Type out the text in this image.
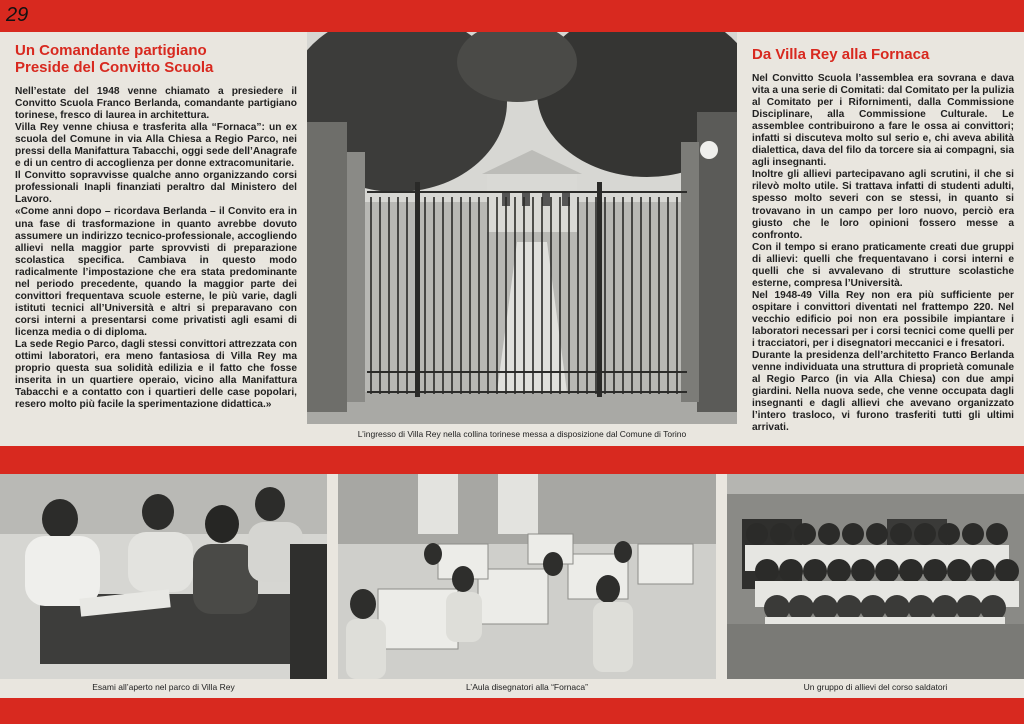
29
Un Comandante partigiano
Preside del Convitto Scuola

Nell’estate del 1948 venne chiamato a presiedere il Convitto Scuola Franco Berlanda, comandante partigiano torinese, fresco di laurea in architettura.

Villa Rey venne chiusa e trasferita alla “Fornaca”: un ex scuola del Comune in via Alla Chiesa a Regio Parco, nei pressi della Manifattura Tabacchi, oggi sede dell’Anagrafe e di un centro di accoglienza per donne extracomunitarie.

Il Convitto sopravvisse qualche anno organizzando corsi professionali Inapli finanziati peraltro dal Ministero del Lavoro.

«Come anni dopo – ricordava Berlanda – il Convito era in una fase di trasformazione in quanto avrebbe dovuto assumere un indirizzo tecnico-professionale, accogliendo allievi nella maggior parte sprovvisti di preparazione scolastica specifica. Cambiava in questo modo radicalmente l’impostazione che era stata predominante nel periodo precedente, quando la maggior parte dei convittori frequentava scuole esterne, le più varie, dagli istituti tecnici all’Università e altri si preparavano con corsi interni a presentarsi come privatisti agli esami di licenza media o di diploma.

La sede Regio Parco, dagli stessi convittori attrezzata con ottimi laboratori, era meno fantasiosa di Villa Rey ma proprio questa sua solidità edilizia e il fatto che fosse inserita in un quartiere operaio, vicino alla Manifattura Tabacchi e a contatto con i quartieri delle case popolari, resero molto più facile la sperimentazione didattica.»

L’ingresso di Villa Rey nella collina torinese messa a disposizione dal Comune di Torino
Da Villa Rey alla Fornaca

Nel Convitto Scuola l’assemblea era sovrana e dava vita a una serie di Comitati: dal Comitato per la pulizia al Comitato per i Rifornimenti, dalla Commissione Disciplinare, alla Commissione Culturale. Le assemblee contribuirono a fare le ossa ai convittori; infatti si discuteva molto sul serio e, chi aveva abilità dialettica, dava del filo da torcere sia ai compagni, sia agli insegnanti.

Inoltre gli allievi partecipavano agli scrutini, il che si rilevò molto utile. Si trattava infatti di studenti adulti, spesso molto severi con se stessi, in quanto si trovavano in un campo per loro nuovo, perciò era giusto che le loro opinioni fossero messe a confronto.

Con il tempo si erano praticamente creati due gruppi di allievi: quelli che frequentavano i corsi interni e quelli che si avvalevano di strutture scolastiche esterne, compresa l’Università.

Nel 1948-49 Villa Rey non era più sufficiente per ospitare i convittori diventati nel frattempo 220. Nel vecchio edificio poi non era possibile impiantare i laboratori necessari per i corsi tecnici come quelli per i tracciatori, per i disegnatori meccanici e i fresatori.

Durante la presidenza dell’architetto Franco Berlanda venne individuata una struttura di proprietà comunale al Regio Parco (in via Alla Chiesa) con due ampi giardini. Nella nuova sede, che venne occupata dagli insegnanti e dagli allievi che avevano organizzato l’intero trasloco, vi furono trasferiti tutti gli ultimi arrivati.

Esami all’aperto nel parco di Villa Rey	L’Aula disegnatori alla “Fornaca”	Un gruppo di allievi del corso saldatori
